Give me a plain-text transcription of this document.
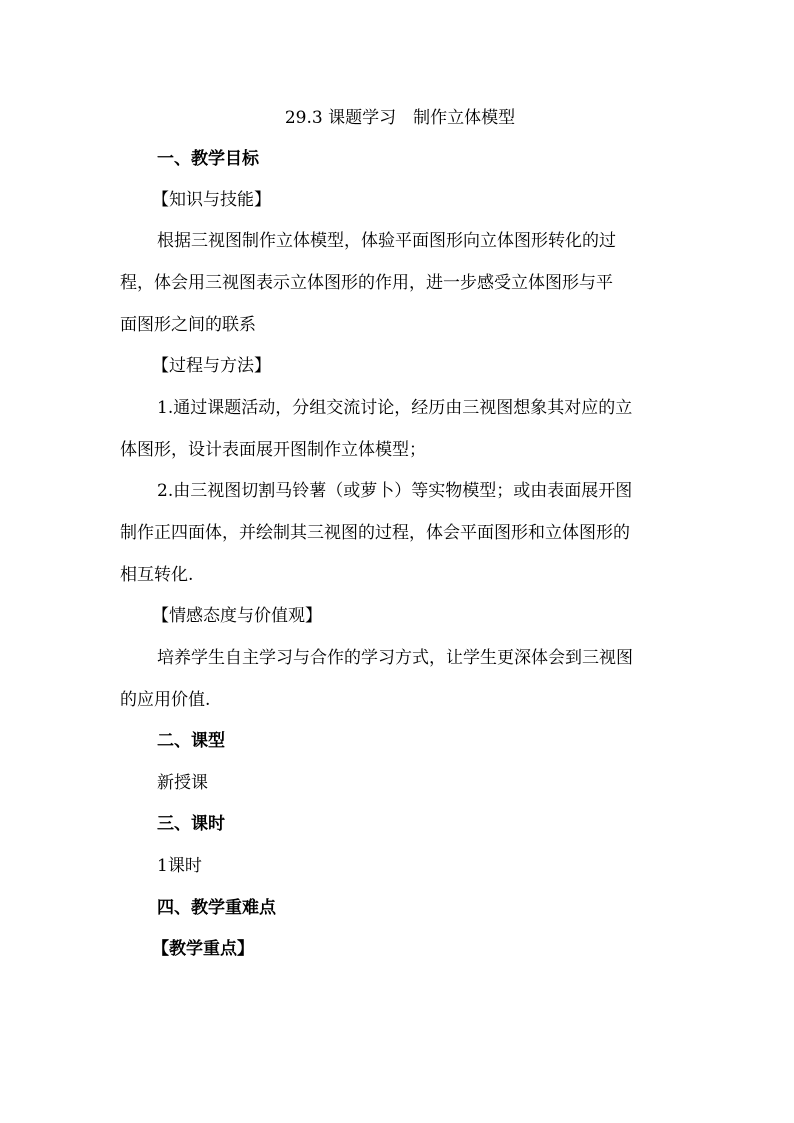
29.3 课题学习　制作立体模型
一、教学目标
【知识与技能】
根据三视图制作立体模型，体验平面图形向立体图形转化的过
程，体会用三视图表示立体图形的作用，进一步感受立体图形与平
面图形之间的联系
【过程与方法】
1.通过课题活动，分组交流讨论，经历由三视图想象其对应的立
体图形，设计表面展开图制作立体模型；
2.由三视图切割马铃薯（或萝卜）等实物模型；或由表面展开图
制作正四面体，并绘制其三视图的过程，体会平面图形和立体图形的
相互转化.
【情感态度与价值观】
培养学生自主学习与合作的学习方式，让学生更深体会到三视图
的应用价值.
二、课型
新授课
三、课时
1课时
四、教学重难点
【教学重点】
